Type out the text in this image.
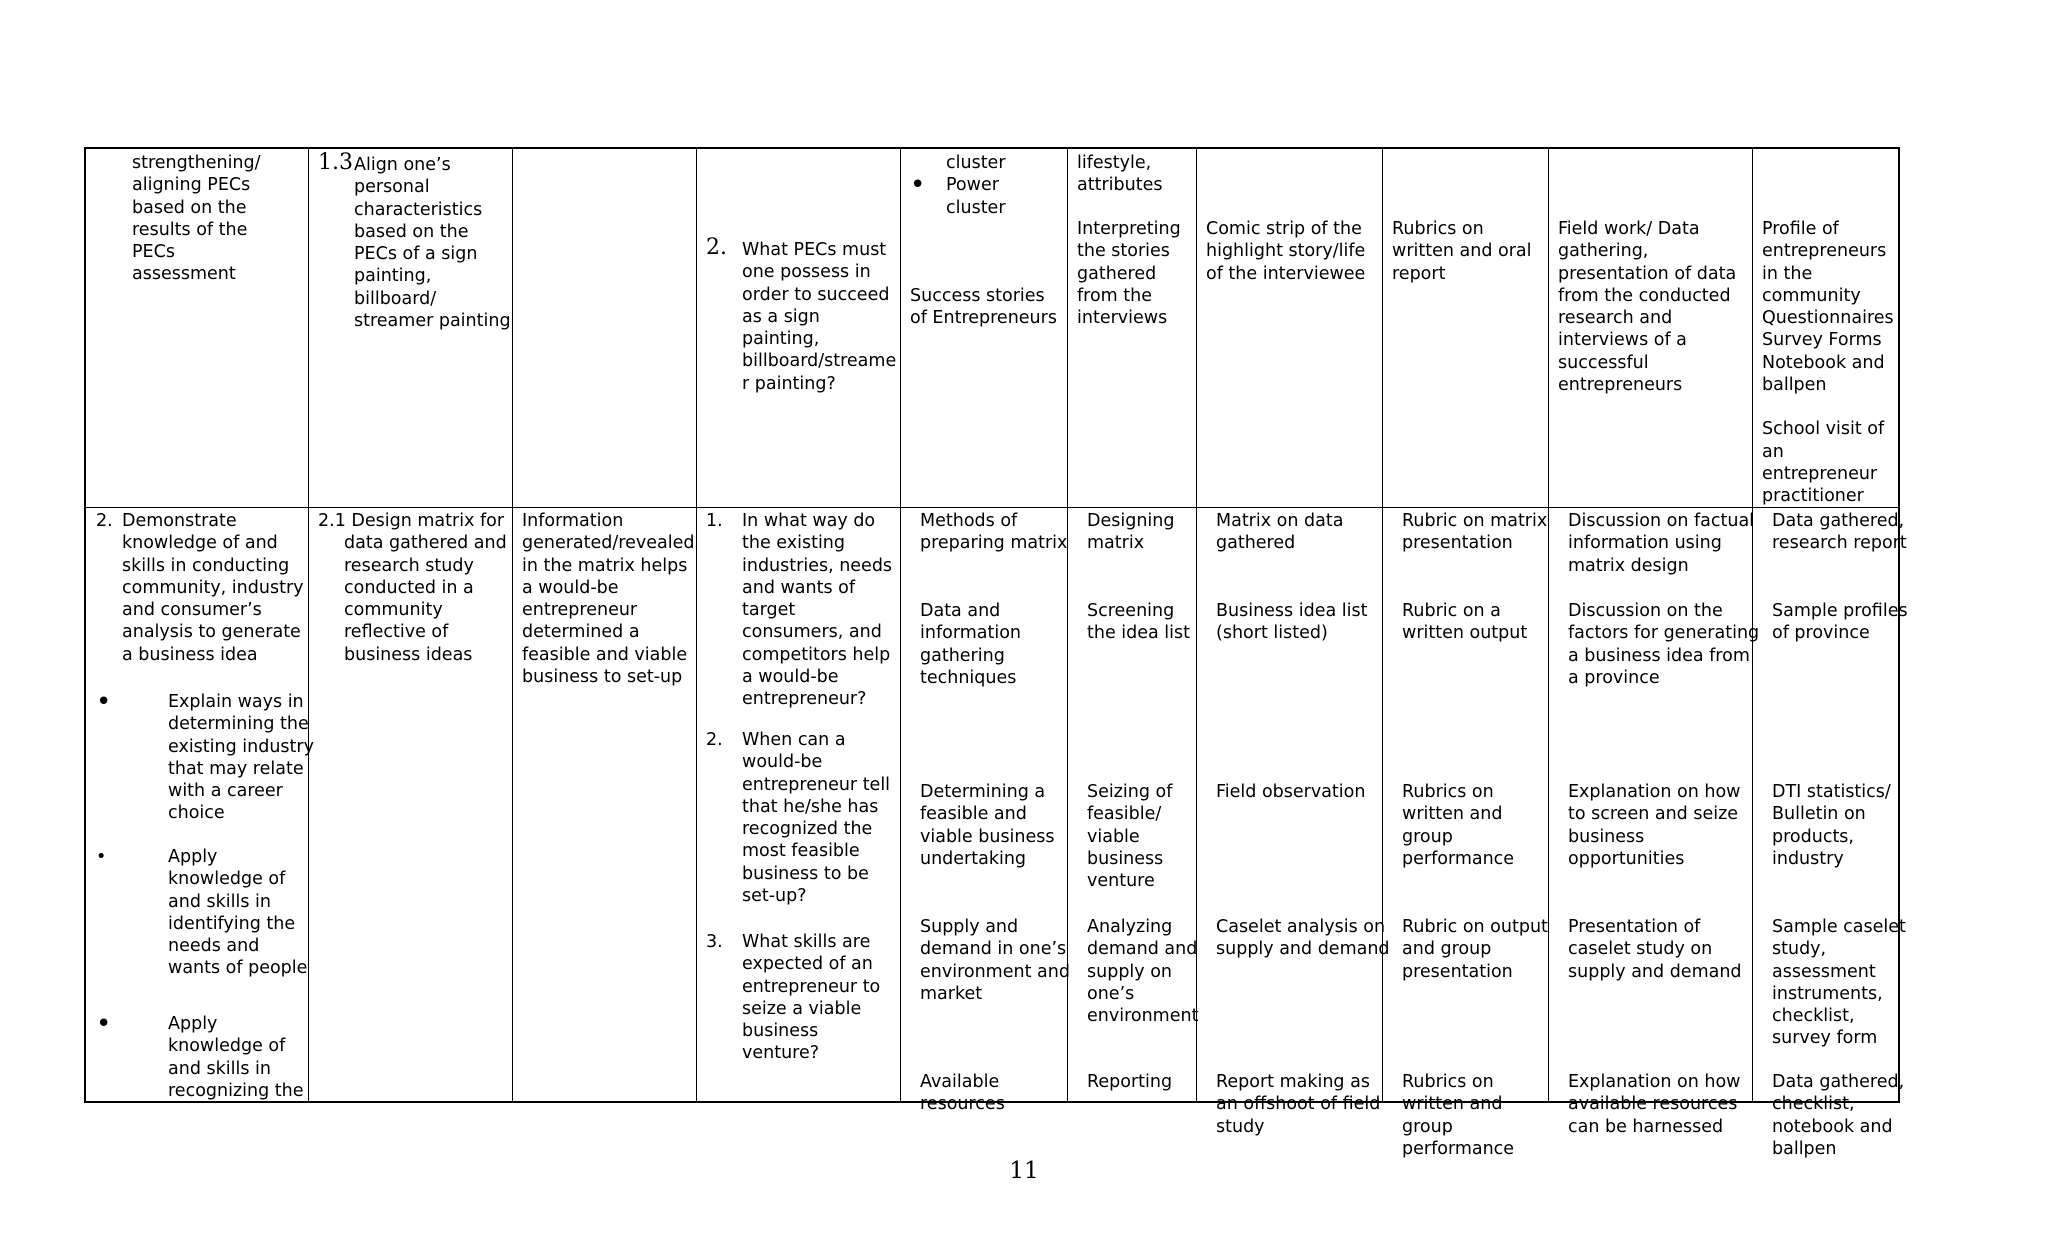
strengthening/
aligning PECs
based on the
results of the
PECs
assessment
1.3 Align one’s
personal
characteristics
based on the
PECs of a sign
painting,
billboard/
streamer painting
2. What PECs must
one possess in
order to succeed
as a sign
painting,
billboard/streame
r painting?
cluster
• Power
cluster
Success stories
of Entrepreneurs
lifestyle,
attributes
Interpreting
the stories
gathered
from the
interviews
Comic strip of the
highlight story/life
of the interviewee
Rubrics on
written and oral
report
Field work/ Data
gathering,
presentation of data
from the conducted
research and
interviews of a
successful
entrepreneurs
Profile of
entrepreneurs
in the
community
Questionnaires
Survey Forms
Notebook and
ballpen
School visit of
an
entrepreneur
practitioner
2. Demonstrate
knowledge of and
skills in conducting
community, industry
and consumer’s
analysis to generate
a business idea
• Explain ways in
determining the
existing industry
that may relate
with a career
choice
• Apply
knowledge of
and skills in
identifying the
needs and
wants of people
• Apply
knowledge of
and skills in
recognizing the
2.1 Design matrix for
data gathered and
research study
conducted in a
community
reflective of
business ideas
Information
generated/revealed
in the matrix helps
a would-be
entrepreneur
determined a
feasible and viable
business to set-up
1. In what way do
the existing
industries, needs
and wants of
target
consumers, and
competitors help
a would-be
entrepreneur?
2. When can a
would-be
entrepreneur tell
that he/she has
recognized the
most feasible
business to be
set-up?
3. What skills are
expected of an
entrepreneur to
seize a viable
business
venture?
Methods of
preparing matrix
Data and
information
gathering
techniques
Determining a
feasible and
viable business
undertaking
Supply and
demand in one’s
environment and
market
Available
resources
Designing
matrix
Screening
the idea list
Seizing of
feasible/
viable
business
venture
Analyzing
demand and
supply on
one’s
environment
Reporting
Matrix on data
gathered
Business idea list
(short listed)
Field observation
Caselet analysis on
supply and demand
Report making as
an offshoot of field
study
Rubric on matrix
presentation
Rubric on a
written output
Rubrics on
written and
group
performance
Rubric on output
and group
presentation
Rubrics on
written and
group
performance
Discussion on factual
information using
matrix design
Discussion on the
factors for generating
a business idea from
a province
Explanation on how
to screen and seize
business
opportunities
Presentation of
caselet study on
supply and demand
Explanation on how
available resources
can be harnessed
Data gathered,
research report
Sample profiles
of province
DTI statistics/
Bulletin on
products,
industry
Sample caselet
study,
assessment
instruments,
checklist,
survey form
Data gathered,
checklist,
notebook and
ballpen
11
